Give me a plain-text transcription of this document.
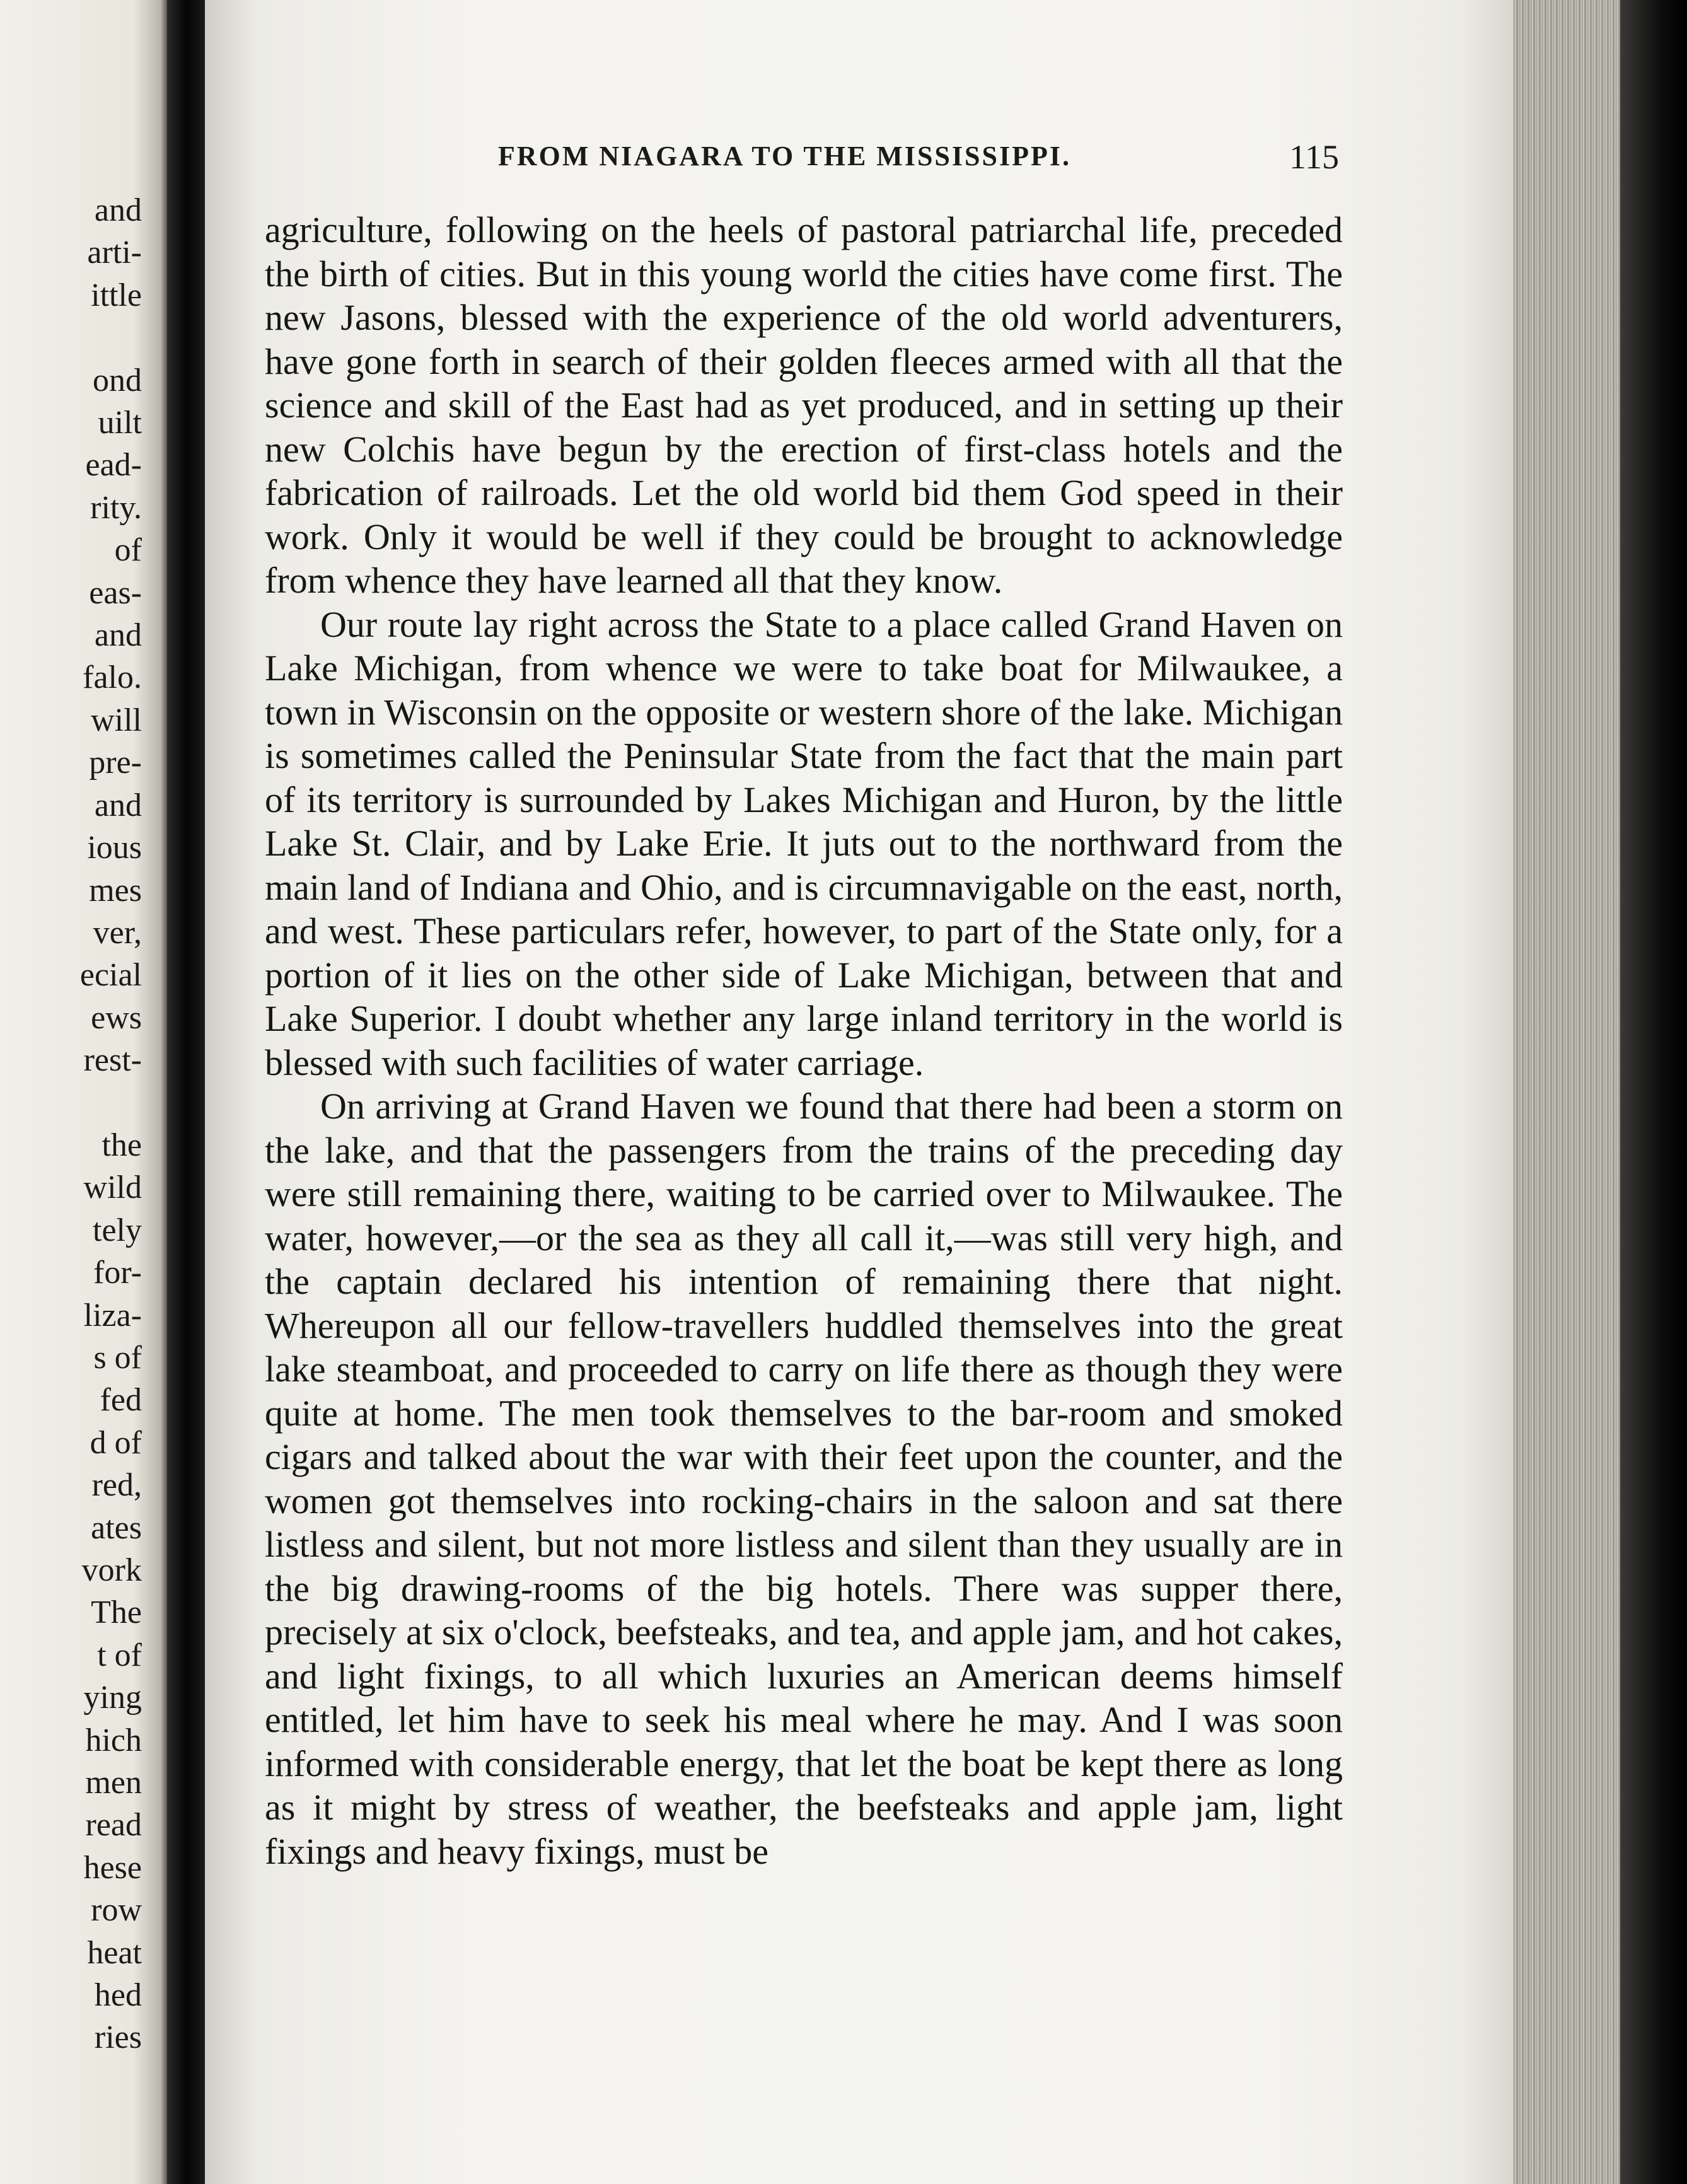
and
arti-
ittle

ond
uilt
ead-
rity.
of
eas-
and
falo.
will
pre-
and
ious
mes
ver,
ecial
ews
rest-

the
wild
tely
for-
liza-
s of
fed
d of
red,
ates
vork
The
t of
ying
hich
men
read
hese
row
heat
hed
ries
FROM NIAGARA TO THE MISSISSIPPI.	115

agriculture, following on the heels of pastoral patriarchal life, preceded the birth of cities. But in this young world the cities have come first. The new Jasons, blessed with the experience of the old world adventurers, have gone forth in search of their golden fleeces armed with all that the science and skill of the East had as yet produced, and in setting up their new Colchis have begun by the erection of first-class hotels and the fabrication of railroads. Let the old world bid them God speed in their work. Only it would be well if they could be brought to acknowledge from whence they have learned all that they know.

Our route lay right across the State to a place called Grand Haven on Lake Michigan, from whence we were to take boat for Milwaukee, a town in Wisconsin on the opposite or western shore of the lake. Michigan is sometimes called the Peninsular State from the fact that the main part of its territory is surrounded by Lakes Michigan and Huron, by the little Lake St. Clair, and by Lake Erie. It juts out to the northward from the main land of Indiana and Ohio, and is circumnavigable on the east, north, and west. These particulars refer, however, to part of the State only, for a portion of it lies on the other side of Lake Michigan, between that and Lake Superior. I doubt whether any large inland territory in the world is blessed with such facilities of water carriage.

On arriving at Grand Haven we found that there had been a storm on the lake, and that the passengers from the trains of the preceding day were still remaining there, waiting to be carried over to Milwaukee. The water, however,—or the sea as they all call it,—was still very high, and the captain declared his intention of remaining there that night. Whereupon all our fellow-travellers huddled themselves into the great lake steamboat, and proceeded to carry on life there as though they were quite at home. The men took themselves to the bar-room and smoked cigars and talked about the war with their feet upon the counter, and the women got themselves into rocking-chairs in the saloon and sat there listless and silent, but not more listless and silent than they usually are in the big drawing-rooms of the big hotels. There was supper there, precisely at six o'clock, beefsteaks, and tea, and apple jam, and hot cakes, and light fixings, to all which luxuries an American deems himself entitled, let him have to seek his meal where he may. And I was soon informed with considerable energy, that let the boat be kept there as long as it might by stress of weather, the beefsteaks and apple jam, light fixings and heavy fixings, must be
